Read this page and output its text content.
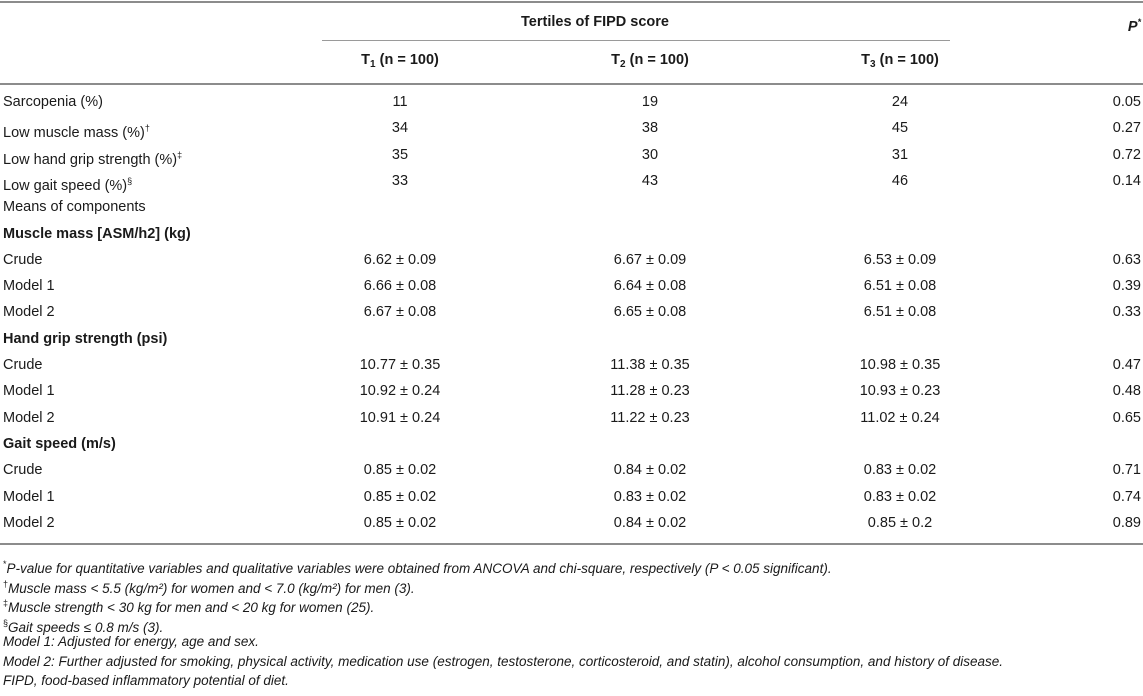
Tertiles of FIPD score	P*
$T_1$ (n = 100)	$T_2$ (n = 100)	$T_3$ (n = 100)
Sarcopenia (%)	11	19	24	0.05
Low muscle mass (%)†	34	38	45	0.27
Low hand grip strength (%)‡	35	30	31	0.72
Low gait speed (%)§	33	43	46	0.14
Means of components
Muscle mass [ASM/h2] (kg)
Crude	6.62 ± 0.09	6.67 ± 0.09	6.53 ± 0.09	0.63
Model 1	6.66 ± 0.08	6.64 ± 0.08	6.51 ± 0.08	0.39
Model 2	6.67 ± 0.08	6.65 ± 0.08	6.51 ± 0.08	0.33
Hand grip strength (psi)
Crude	10.77 ± 0.35	11.38 ± 0.35	10.98 ± 0.35	0.47
Model 1	10.92 ± 0.24	11.28 ± 0.23	10.93 ± 0.23	0.48
Model 2	10.91 ± 0.24	11.22 ± 0.23	11.02 ± 0.24	0.65
Gait speed (m/s)
Crude	0.85 ± 0.02	0.84 ± 0.02	0.83 ± 0.02	0.71
Model 1	0.85 ± 0.02	0.83 ± 0.02	0.83 ± 0.02	0.74
Model 2	0.85 ± 0.02	0.84 ± 0.02	0.85 ± 0.2	0.89
*P-value for quantitative variables and qualitative variables were obtained from ANCOVA and chi-square, respectively (P < 0.05 significant).
†Muscle mass < 5.5 (kg/m²) for women and < 7.0 (kg/m²) for men (3).
‡Muscle strength < 30 kg for men and < 20 kg for women (25).
§Gait speeds ≤ 0.8 m/s (3).
Model 1: Adjusted for energy, age and sex.
Model 2: Further adjusted for smoking, physical activity, medication use (estrogen, testosterone, corticosteroid, and statin), alcohol consumption, and history of disease.
FIPD, food-based inflammatory potential of diet.
